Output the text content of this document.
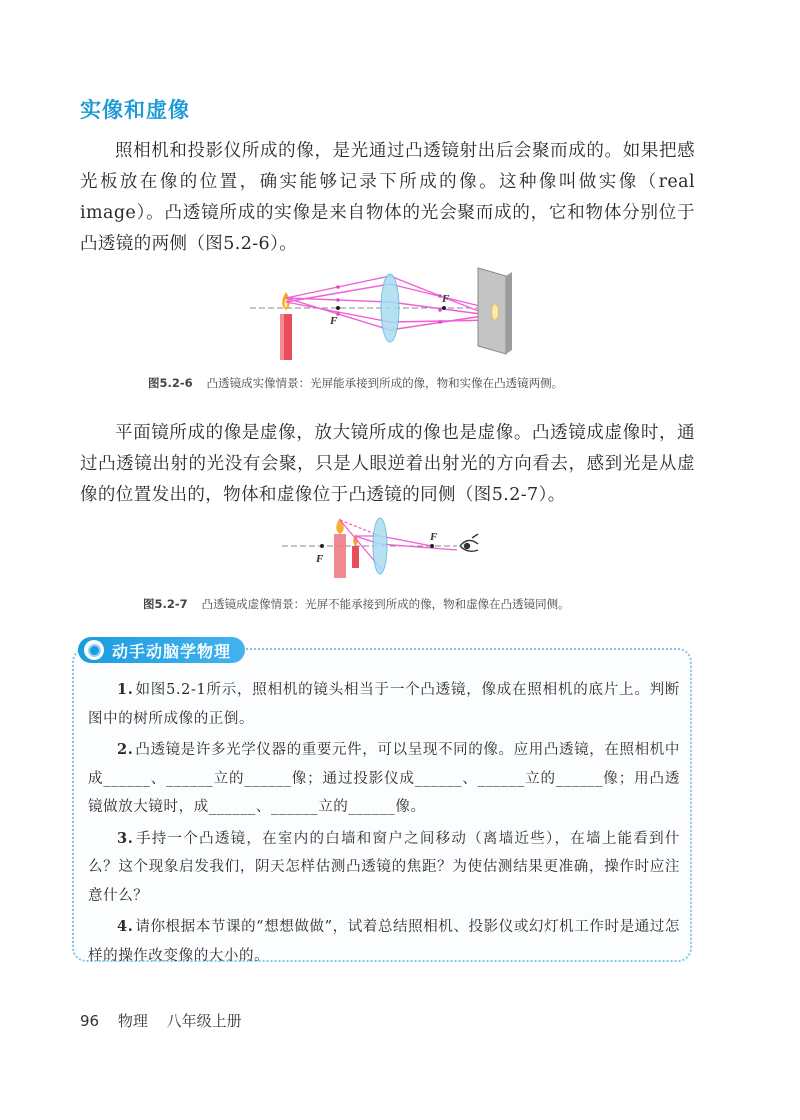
实像和虚像

照相机和投影仪所成的像，是光通过凸透镜射出后会聚而成的。如果把感光板放在像的位置，确实能够记录下所成的像。这种像叫做实像（real image）。凸透镜所成的实像是来自物体的光会聚而成的，它和物体分别位于凸透镜的两侧（图5.2-6）。

F
F
图5.2-6 凸透镜成实像情景：光屏能承接到所成的像，物和实像在凸透镜两侧。

平面镜所成的像是虚像，放大镜所成的像也是虚像。凸透镜成虚像时，通过凸透镜出射的光没有会聚，只是人眼逆着出射光的方向看去，感到光是从虚像的位置发出的，物体和虚像位于凸透镜的同侧（图5.2-7）。

F
F
图5.2-7 凸透镜成虚像情景：光屏不能承接到所成的像，物和虚像在凸透镜同侧。
动手动脑学物理

1. 如图5.2-1所示，照相机的镜头相当于一个凸透镜，像成在照相机的底片上。判断图中的树所成像的正倒。

2. 凸透镜是许多光学仪器的重要元件，可以呈现不同的像。应用凸透镜，在照相机中成______、______立的______像；通过投影仪成______、______立的______像；用凸透镜做放大镜时，成______、______立的______像。

3. 手持一个凸透镜，在室内的白墙和窗户之间移动（离墙近些），在墙上能看到什么？这个现象启发我们，阴天怎样估测凸透镜的焦距？为使估测结果更准确，操作时应注意什么？

4. 请你根据本节课的“想想做做”，试着总结照相机、投影仪或幻灯机工作时是通过怎样的操作改变像的大小的。

96 物理 八年级上册
